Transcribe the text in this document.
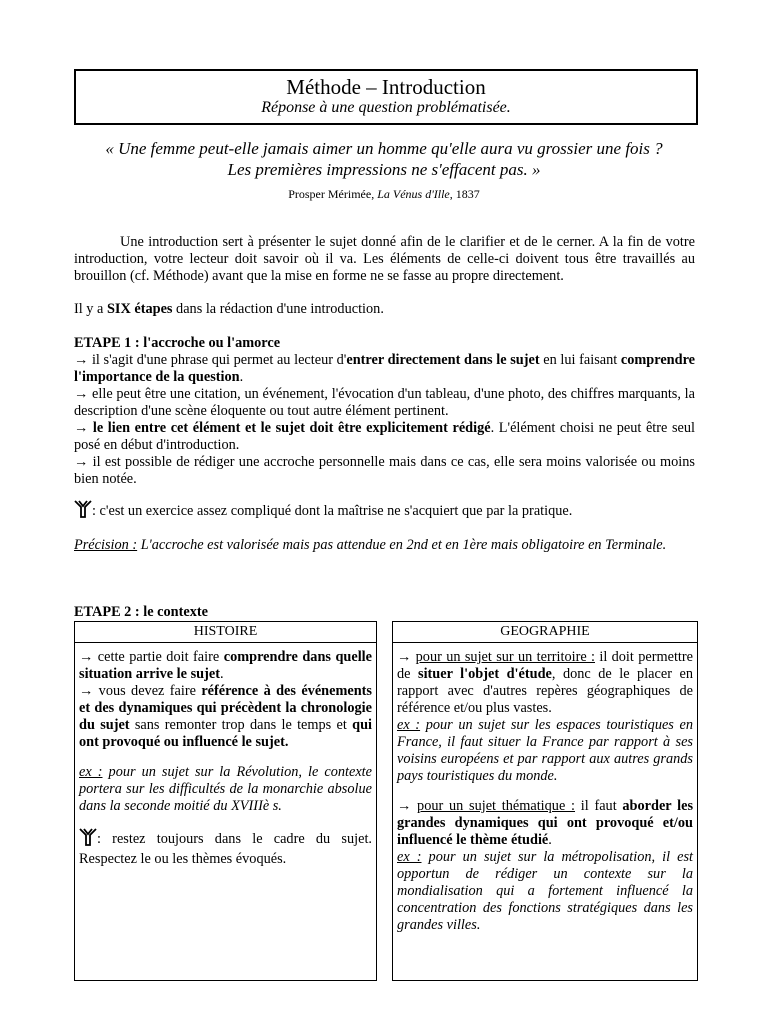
Méthode – Introduction
Réponse à une question problématisée.
« Une femme peut-elle jamais aimer un homme qu'elle aura vu grossier une fois ?
Les premières impressions ne s'effacent pas. »
Prosper Mérimée, La Vénus d'Ille, 1837

Une introduction sert à présenter le sujet donné afin de le clarifier et de le cerner. A la fin de votre introduction, votre lecteur doit savoir où il va. Les éléments de celle-ci doivent tous être travaillés au brouillon (cf. Méthode) avant que la mise en forme ne se fasse au propre directement.

Il y a SIX étapes dans la rédaction d'une introduction.

ETAPE 1 : l'accroche ou l'amorce

→ il s'agit d'une phrase qui permet au lecteur d'entrer directement dans le sujet en lui faisant comprendre l'importance de la question.

→ elle peut être une citation, un événement, l'évocation d'un tableau, d'une photo, des chiffres marquants, la description d'une scène éloquente ou tout autre élément pertinent.

→ le lien entre cet élément et le sujet doit être explicitement rédigé. L'élément choisi ne peut être seul posé en début d'introduction.

→ il est possible de rédiger une accroche personnelle mais dans ce cas, elle sera moins valorisée ou moins bien notée.

: c'est un exercice assez compliqué dont la maîtrise ne s'acquiert que par la pratique.
Précision : L'accroche est valorisée mais pas attendue en 2nd et en 1ère mais obligatoire en Terminale.
ETAPE 2 : le contexte
HISTOIRE

→ cette partie doit faire comprendre dans quelle situation arrive le sujet.

→ vous devez faire référence à des événements et des dynamiques qui précèdent la chronologie du sujet sans remonter trop dans le temps et qui ont provoqué ou influencé le sujet.

ex : pour un sujet sur la Révolution, le contexte portera sur les difficultés de la monarchie absolue dans la seconde moitié du XVIIIè s.

: restez toujours dans le cadre du sujet. Respectez le ou les thèmes évoqués.

GEOGRAPHIE

→ pour un sujet sur un territoire : il doit permettre de situer l'objet d'étude, donc de le placer en rapport avec d'autres repères géographiques de référence et/ou plus vastes.

ex : pour un sujet sur les espaces touristiques en France, il faut situer la France par rapport à ses voisins européens et par rapport aux autres grands pays touristiques du monde.

→ pour un sujet thématique : il faut aborder les grandes dynamiques qui ont provoqué et/ou influencé le thème étudié.

ex : pour un sujet sur la métropolisation, il est opportun de rédiger un contexte sur la mondialisation qui a fortement influencé la concentration des fonctions stratégiques dans les grandes villes.
